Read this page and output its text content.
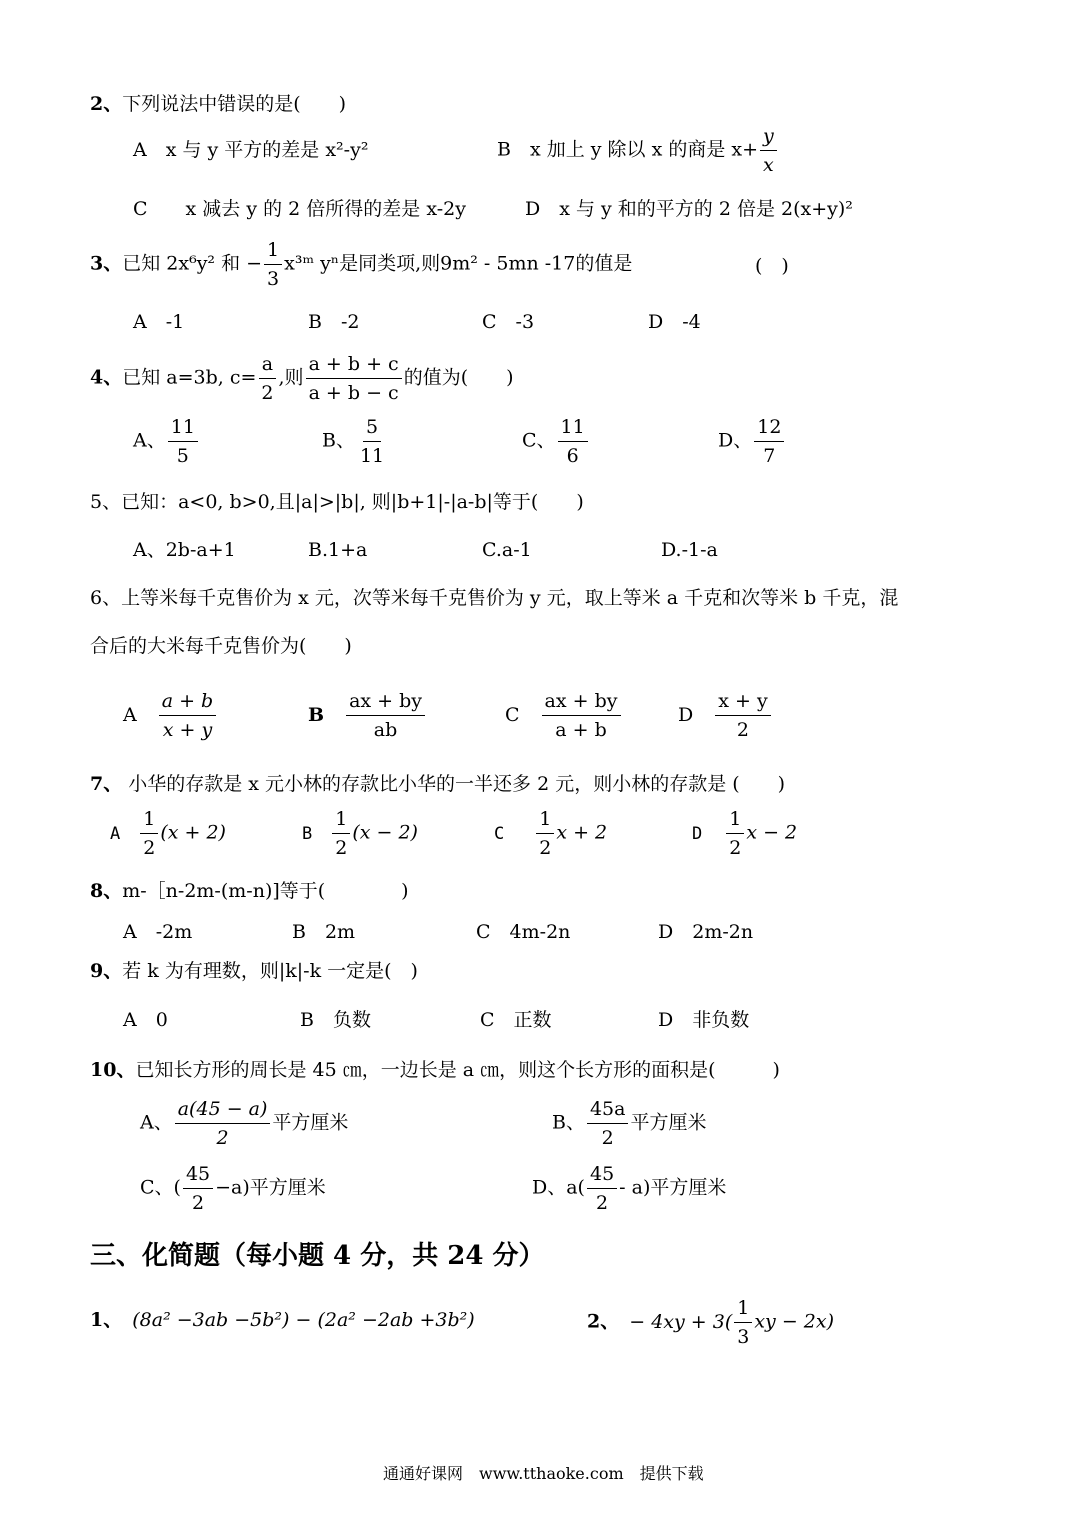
2、下列说法中错误的是(　　)
A　x 与 y 平方的差是 x²-y²	B　x 加上 y 除以 x 的商是 $x+ \frac{y}{x}$
C　　x 减去 y 的 2 倍所得的差是 x-2y	D　x 与 y 和的平方的 2 倍是 2(x+y)²
3、已知 2x⁶y² 和 − $\frac{1}{3}$ x³ᵐ yⁿ是同类项,则9m² - 5mn -17的值是	(　)
A　-1	B　-2	C　-3	D　-4
4、已知 a=3b, $c= \frac{a}{2}$ ,则 $\frac{a + b + c}{a + b - c}$ 的值为(　　)
A、 $\frac{11}{5}$	B、 $\frac{5}{11}$	C、 $\frac{11}{6}$	D、 $\frac{12}{7}$
5、已知：a<0, b>0,且|a|>|b|, 则|b+1|-|a-b|等于(　　)
A、2b-a+1	B.1+a	C.a-1	D.-1-a
6、上等米每千克售价为 x 元，次等米每千克售价为 y 元，取上等米 a 千克和次等米 b 千克，混
合后的大米每千克售价为(　　)
A $\frac{a + b}{x + y}$	B $\frac{ax + by}{ab}$	C $\frac{ax + by}{a + b}$	D $\frac{x + y}{2}$
7、 小华的存款是 x 元小林的存款比小华的一半还多 2 元，则小林的存款是 (　　)
A $\frac{1}{2} (x + 2)$	B $\frac{1}{2} (x - 2)$	C $\frac{1}{2}$ x + 2	D $\frac{1}{2}$ x − 2
8、m-［n-2m-(m-n)]等于(　　　　)
A　-2m	B　2m	C　4m-2n	D　2m-2n
9、若 k 为有理数，则|k|-k 一定是(　)
A　0	B　负数	C　正数	D　非负数
10、已知长方形的周长是 45 ㎝，一边长是 a ㎝，则这个长方形的面积是(　　　)
A、 $\frac{a(45 - a)}{2}$ 平方厘米	B、 $\frac{45a}{2}$ 平方厘米
C、( $\frac{45}{2} -a$)平方厘米	D、$a( \frac{45}{2} - a)$平方厘米
三、化简题（每小题 4 分，共 24 分）
1、 (8a² −3ab −5b²) − (2a² −2ab +3b²)	2、 − $4xy + 3( \frac{1}{3}$ xy − 2x)
通通好课网　www.tthaoke.com　提供下载
